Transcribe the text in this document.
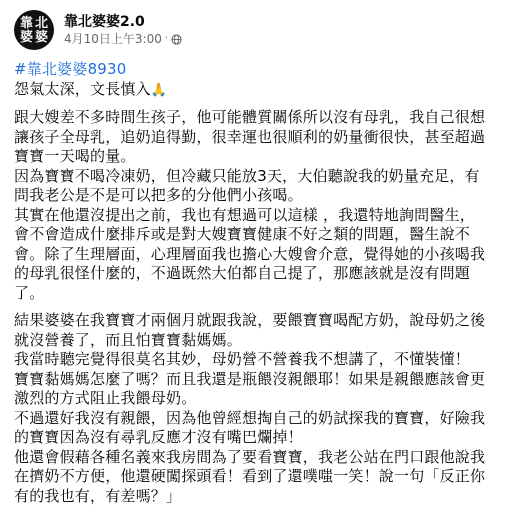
靠 北
婆 婆
靠北婆婆2.0
4月10日上午3:00 ·
#靠北婆婆8930
怨氣太深，文長慎入🙏
跟大嫂差不多時間生孩子，他可能體質關係所以沒有母乳，我自己很想
讓孩子全母乳，追奶追得勤，很幸運也很順利的奶量衝很快，甚至超過
寶寶一天喝的量。
因為寶寶不喝冷凍奶，但冷藏只能放3天，大伯聽說我的奶量充足，有
問我老公是不是可以把多的分他們小孩喝。
其實在他還沒提出之前，我也有想過可以這樣 ，我還特地詢問醫生，
會不會造成什麼排斥或是對大嫂寶寶健康不好之類的問題，醫生說不
會。除了生理層面，心理層面我也擔心大嫂會介意，覺得她的小孩喝我
的母乳很怪什麼的，不過既然大伯都自己提了，那應該就是沒有問題
了。
結果婆婆在我寶寶才兩個月就跟我說，要餵寶寶喝配方奶，說母奶之後
就沒營養了，而且怕寶寶黏媽媽。
我當時聽完覺得很莫名其妙，母奶營不營養我不想講了，不懂裝懂！
寶寶黏媽媽怎麼了嗎？而且我還是瓶餵沒親餵耶！如果是親餵應該會更
激烈的方式阻止我餵母奶。
不過還好我沒有親餵，因為他曾經想掏自己的奶試探我的寶寶，好險我
的寶寶因為沒有尋乳反應才沒有嘴巴爛掉！
他還會假藉各種名義來我房間為了要看寶寶，我老公站在門口跟他說我
在擠奶不方便，他還硬闖探頭看！看到了還噗嗤一笑！說一句「反正你
有的我也有，有差嗎？」
